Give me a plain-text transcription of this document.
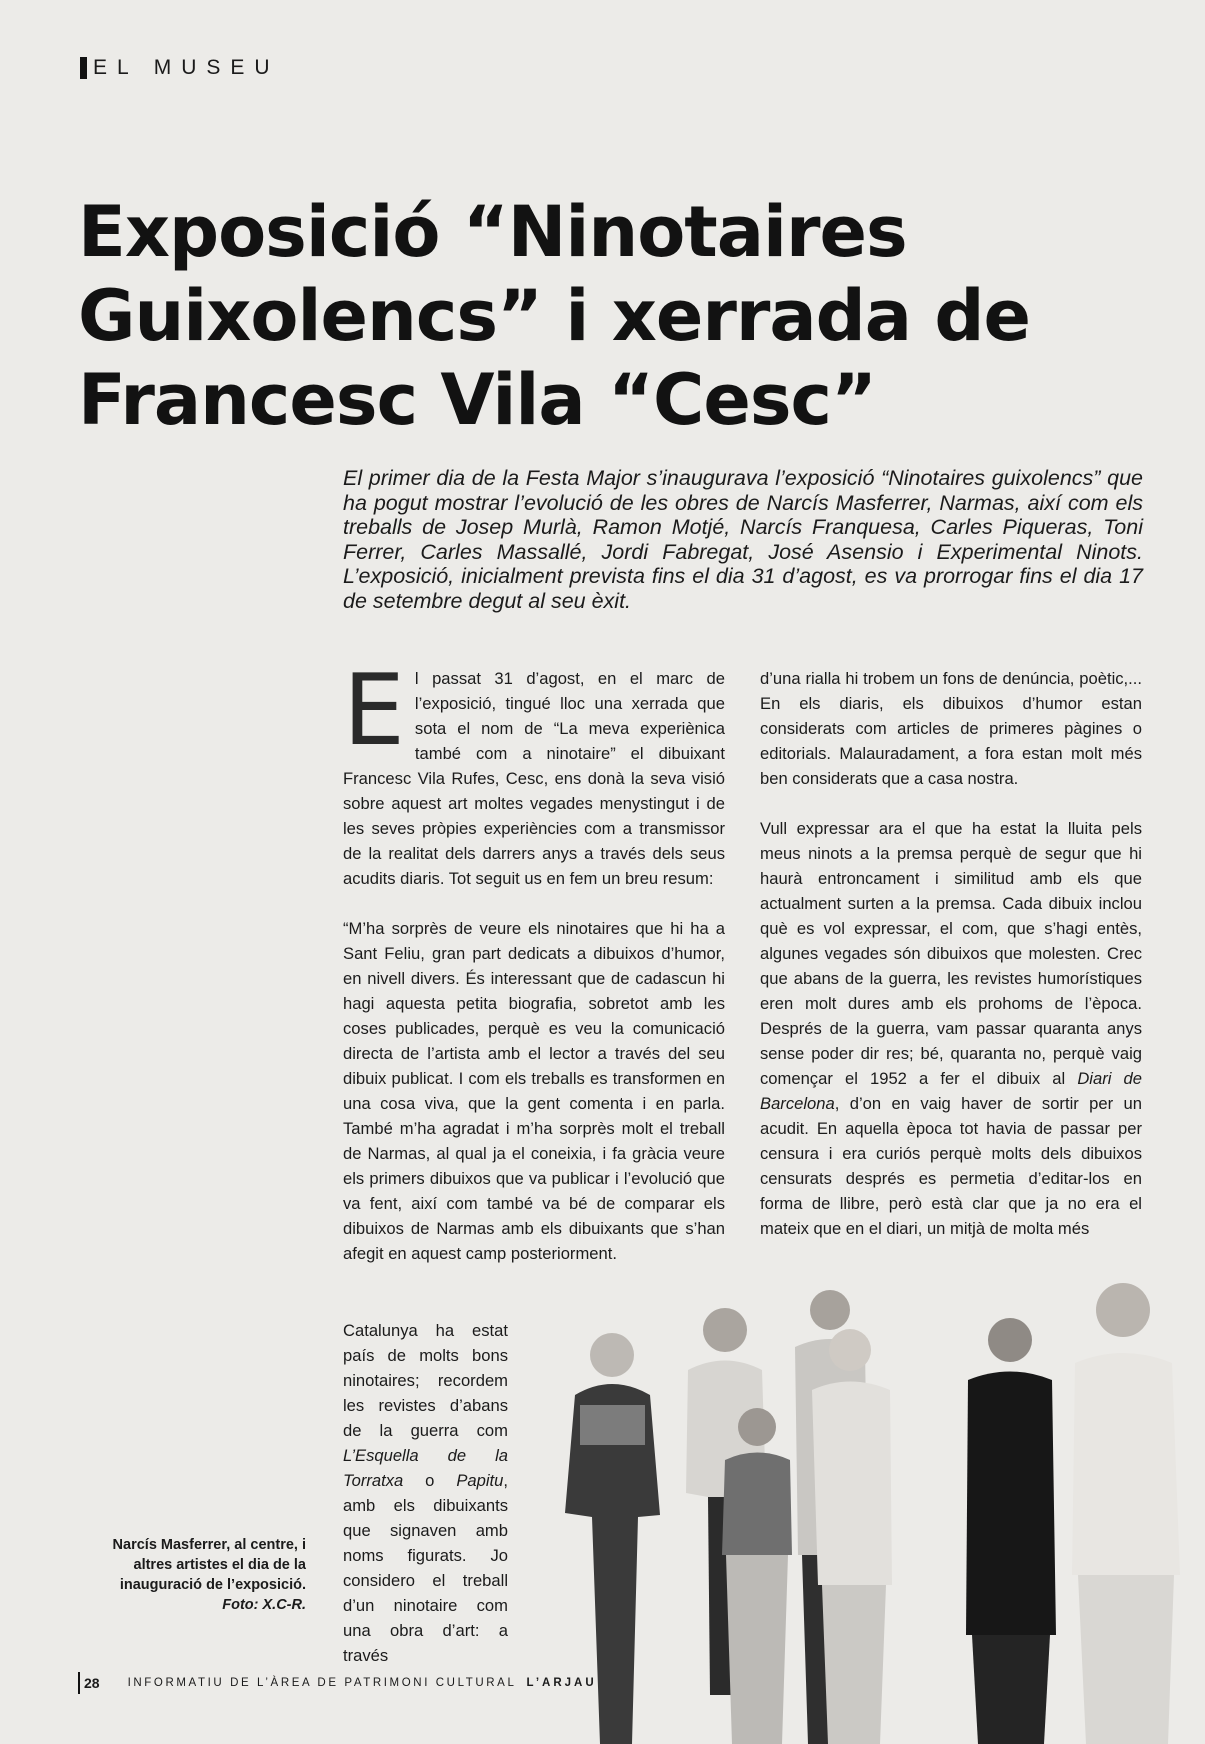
EL MUSEU
Exposició “Ninotaires Guixolencs” i xerrada de Francesc Vila “Cesc”
El primer dia de la Festa Major s’inaugurava l’exposició “Ninotaires guixolencs” que ha pogut mostrar l’evolució de les obres de Narcís Masferrer, Narmas, així com els treballs de Josep Murlà, Ramon Motjé, Narcís Franquesa, Carles Piqueras, Toni Ferrer, Carles Massallé, Jordi Fabregat, José Asensio i Experimental Ninots. L’exposició, inicialment prevista fins el dia 31 d’agost, es va prorrogar fins el dia 17 de setembre degut al seu èxit.

El passat 31 d’agost, en el marc de l’exposició, tingué lloc una xerrada que sota el nom de “La meva experiènica també com a ninotaire” el dibuixant Francesc Vila Rufes, Cesc, ens donà la seva visió sobre aquest art moltes vegades menystingut i de les seves pròpies experiències com a transmissor de la realitat dels darrers anys a través dels seus acudits diaris. Tot seguit us en fem un breu resum:

“M’ha sorprès de veure els ninotaires que hi ha a Sant Feliu, gran part dedicats a dibuixos d’humor, en nivell divers. És interessant que de cadascun hi hagi aquesta petita biografia, sobretot amb les coses publicades, perquè es veu la comunicació directa de l’artista amb el lector a través del seu dibuix publicat. I com els treballs es transformen en una cosa viva, que la gent comenta i en parla. També m’ha agradat i m’ha sorprès molt el treball de Narmas, al qual ja el coneixia, i fa gràcia veure els primers dibuixos que va publicar i l’evolució que va fent, així com també va bé de comparar els dibuixos de Narmas amb els dibuixants que s’han afegit en aquest camp posteriorment.

Catalunya ha estat país de molts bons ninotaires; recordem les revistes d’abans de la guerra com L’Esquella de la Torratxa o Papitu, amb els dibuixants que signaven amb noms figurats. Jo considero el treball d’un ninotaire com una obra d’art: a través

d’una rialla hi trobem un fons de denúncia, poètic,... En els diaris, els dibuixos d’humor estan considerats com articles de primeres pàgines o editorials. Malauradament, a fora estan molt més ben considerats que a casa nostra.

Vull expressar ara el que ha estat la lluita pels meus ninots a la premsa perquè de segur que hi haurà entroncament i similitud amb els que actualment surten a la premsa. Cada dibuix inclou què es vol expressar, el com, que s’hagi entès, algunes vegades són dibuixos que molesten. Crec que abans de la guerra, les revistes humorístiques eren molt dures amb els prohoms de l’època. Després de la guerra, vam passar quaranta anys sense poder dir res; bé, quaranta no, perquè vaig començar el 1952 a fer el dibuix al Diari de Barcelona, d’on en vaig haver de sortir per un acudit. En aquella època tot havia de passar per censura i era curiós perquè molts dels dibuixos censurats després es permetia d’editar-los en forma de llibre, però està clar que ja no era el mateix que en el diari, un mitjà de molta més

Narcís Masferrer, al centre, i altres artistes el dia de la inauguració de l’exposició.
Foto: X.C-R.
28 INFORMATIU DE L’ÀREA DE PATRIMONI CULTURAL L’ARJAU
